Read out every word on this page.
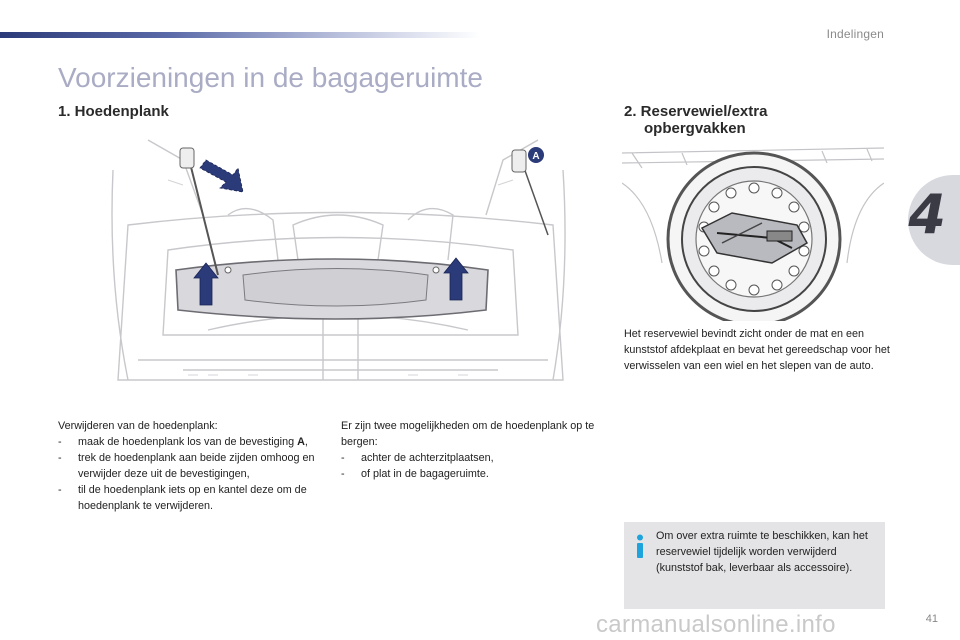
Indelingen
4
Voorzieningen in de bagageruimte
1. Hoedenplank	2. Reservewiel/extra
opbergvakken
A
Verwijderen van de hoedenplank:
-	maak de hoedenplank los van de bevestiging A,
-	trek de hoedenplank aan beide zijden omhoog en verwijder deze uit de bevestigingen,
-	til de hoedenplank iets op en kantel deze om de hoedenplank te verwijderen.
Er zijn twee mogelijkheden om de hoedenplank op te bergen:
-	achter de achterzitplaatsen,
-	of plat in de bagageruimte.
Het reservewiel bevindt zicht onder de mat en een kunststof afdekplaat en bevat het gereedschap voor het verwisselen van een wiel en het slepen van de auto.
Om over extra ruimte te beschikken, kan het reservewiel tijdelijk worden verwijderd (kunststof bak, leverbaar als accessoire).
carmanualsonline.info	41
